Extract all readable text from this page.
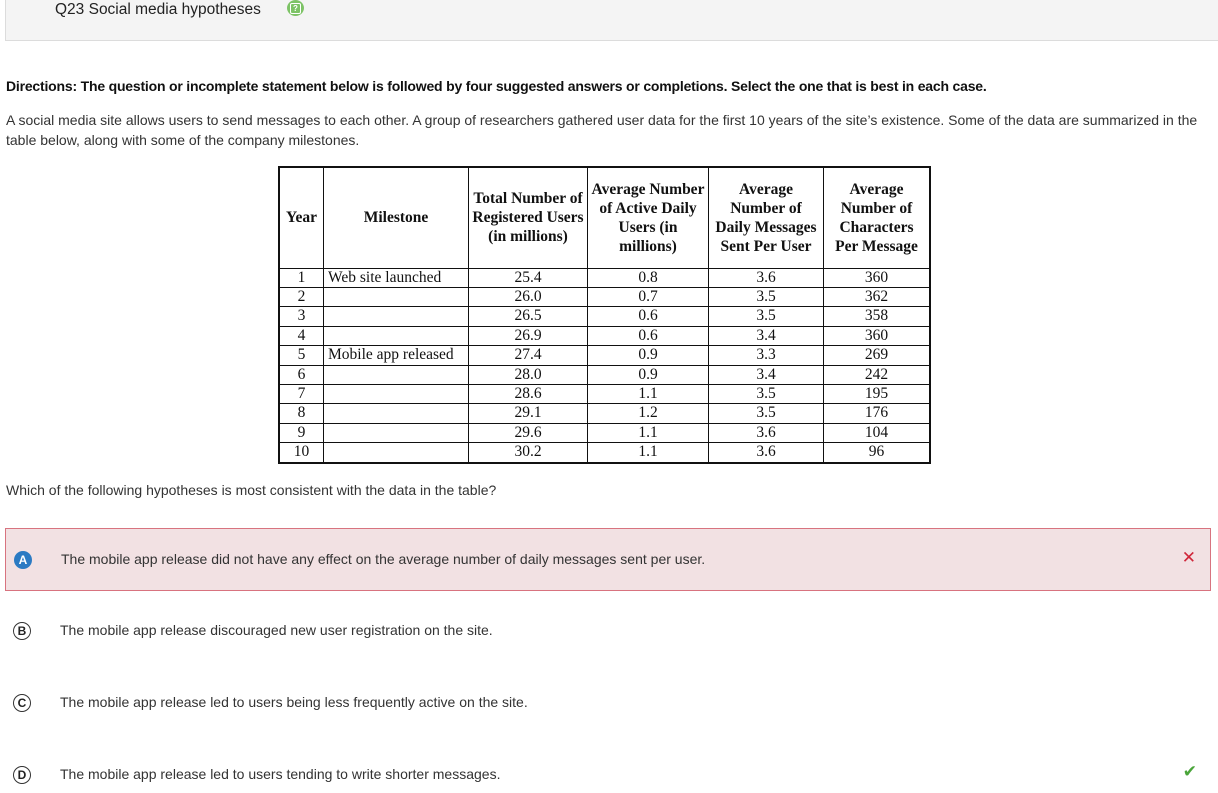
Q23 Social media hypotheses	?
Directions: The question or incomplete statement below is followed by four suggested answers or completions. Select the one that is best in each case.
A social media site allows users to send messages to each other. A group of researchers gathered user data for the first 10 years of the site’s existence. Some of the data are summarized in the table below, along with some of the company milestones.
Year	Milestone	Total Number of Registered Users (in millions)	Average Number of Active Daily Users (in millions)	Average Number of Daily Messages Sent Per User	Average Number of Characters Per Message
1	Web site launched	25.4	0.8	3.6	360
2		26.0	0.7	3.5	362
3		26.5	0.6	3.5	358
4		26.9	0.6	3.4	360
5	Mobile app released	27.4	0.9	3.3	269
6		28.0	0.9	3.4	242
7		28.6	1.1	3.5	195
8		29.1	1.2	3.5	176
9		29.6	1.1	3.6	104
10		30.2	1.1	3.6	96
Which of the following hypotheses is most consistent with the data in the table?
A	The mobile app release did not have any effect on the average number of daily messages sent per user.	✕
B	The mobile app release discouraged new user registration on the site.
C	The mobile app release led to users being less frequently active on the site.
D	The mobile app release led to users tending to write shorter messages.	✔
